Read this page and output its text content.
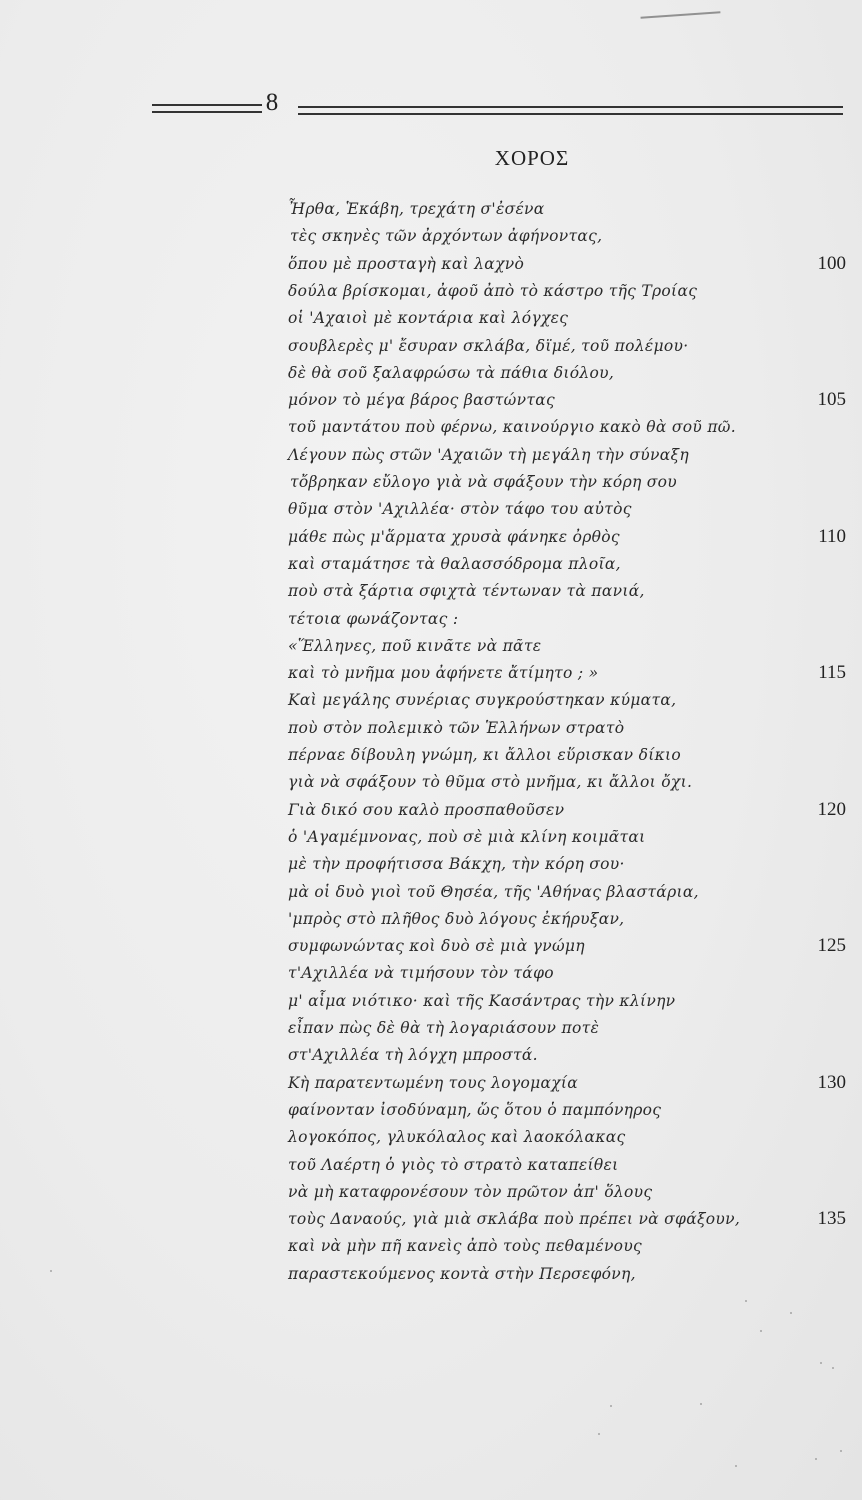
8
ΧΟΡΟΣ
Ἦρθα, Ἑκάβη, τρεχάτη σ'ἐσένα
τὲς σκηνὲς τῶν ἀρχόντων ἀφήνοντας,
ὅπου μὲ προσταγὴ καὶ λαχνὸ	100
δούλα βρίσκομαι, ἀφοῦ ἀπὸ τὸ κάστρο τῆς Τροίας
οἱ 'Αχαιοὶ μὲ κοντάρια καὶ λόγχες
σουβλερὲς μ' ἔσυραν σκλάβα, δϊμέ, τοῦ πολέμου·
δὲ θὰ σοῦ ξαλαφρώσω τὰ πάθια διόλου,
μόνον τὸ μέγα βάρος βαστώντας	105
τοῦ μαντάτου ποὺ φέρνω, καινούργιο κακὸ θὰ σοῦ πῶ.
Λέγουν πὼς στῶν 'Αχαιῶν τὴ μεγάλη τὴν σύναξη
τὄβρηκαν εὔλογο γιὰ νὰ σφάξουν τὴν κόρη σου
θῦμα στὸν 'Αχιλλέα· στὸν τάφο του αὐτὸς
μάθε πὼς μ'ἅρματα χρυσὰ φάνηκε ὀρθὸς	110
καὶ σταμάτησε τὰ θαλασσόδρομα πλοῖα,
ποὺ στὰ ξάρτια σφιχτὰ τέντωναν τὰ πανιά,
τέτοια φωνάζοντας :
«Ἕλληνες, ποῦ κινᾶτε νὰ πᾶτε
καὶ τὸ μνῆμα μου ἀφήνετε ἄτίμητο ; »	115
Καὶ μεγάλης συνέριας συγκρούστηκαν κύματα,
ποὺ στὸν πολεμικὸ τῶν Ἑλλήνων στρατὸ
πέρναε δίβουλη γνώμη, κι ἄλλοι εὕρισκαν δίκιο
γιὰ νὰ σφάξουν τὸ θῦμα στὸ μνῆμα, κι ἄλλοι ὄχι.
Γιὰ δικό σου καλὸ προσπαθοῦσεν	120
ὁ 'Αγαμέμνονας, ποὺ σὲ μιὰ κλίνη κοιμᾶται
μὲ τὴν προφήτισσα Βάκχη, τὴν κόρη σου·
μὰ οἱ δυὸ γιοὶ τοῦ Θησέα, τῆς 'Αθήνας βλαστάρια,
'μπρὸς στὸ πλῆθος δυὸ λόγους ἐκήρυξαν,
συμφωνώντας κοὶ δυὸ σὲ μιὰ γνώμη	125
τ'Αχιλλέα νὰ τιμήσουν τὸν τάφο
μ' αἷμα νιότικο· καὶ τῆς Κασάντρας τὴν κλίνην
εἶπαν πὼς δὲ θὰ τὴ λογαριάσουν ποτὲ
στ'Αχιλλέα τὴ λόγχη μπροστά.
Κὴ παρατεντωμένη τους λογομαχία	130
φαίνονταν ἰσοδύναμη, ὥς ὅτου ὁ παμπόνηρος
λογοκόπος, γλυκόλαλος καὶ λαοκόλακας
τοῦ Λαέρτη ὁ γιὸς τὸ στρατὸ καταπείθει
νὰ μὴ καταφρονέσουν τὸν πρῶτον ἀπ' ὅλους
τοὺς Δαναούς, γιὰ μιὰ σκλάβα ποὺ πρέπει νὰ σφάξουν,	135
καὶ νὰ μὴν πῆ κανεὶς ἀπὸ τοὺς πεθαμένους
παραστεκούμενος κοντὰ στὴν Περσεφόνη,
